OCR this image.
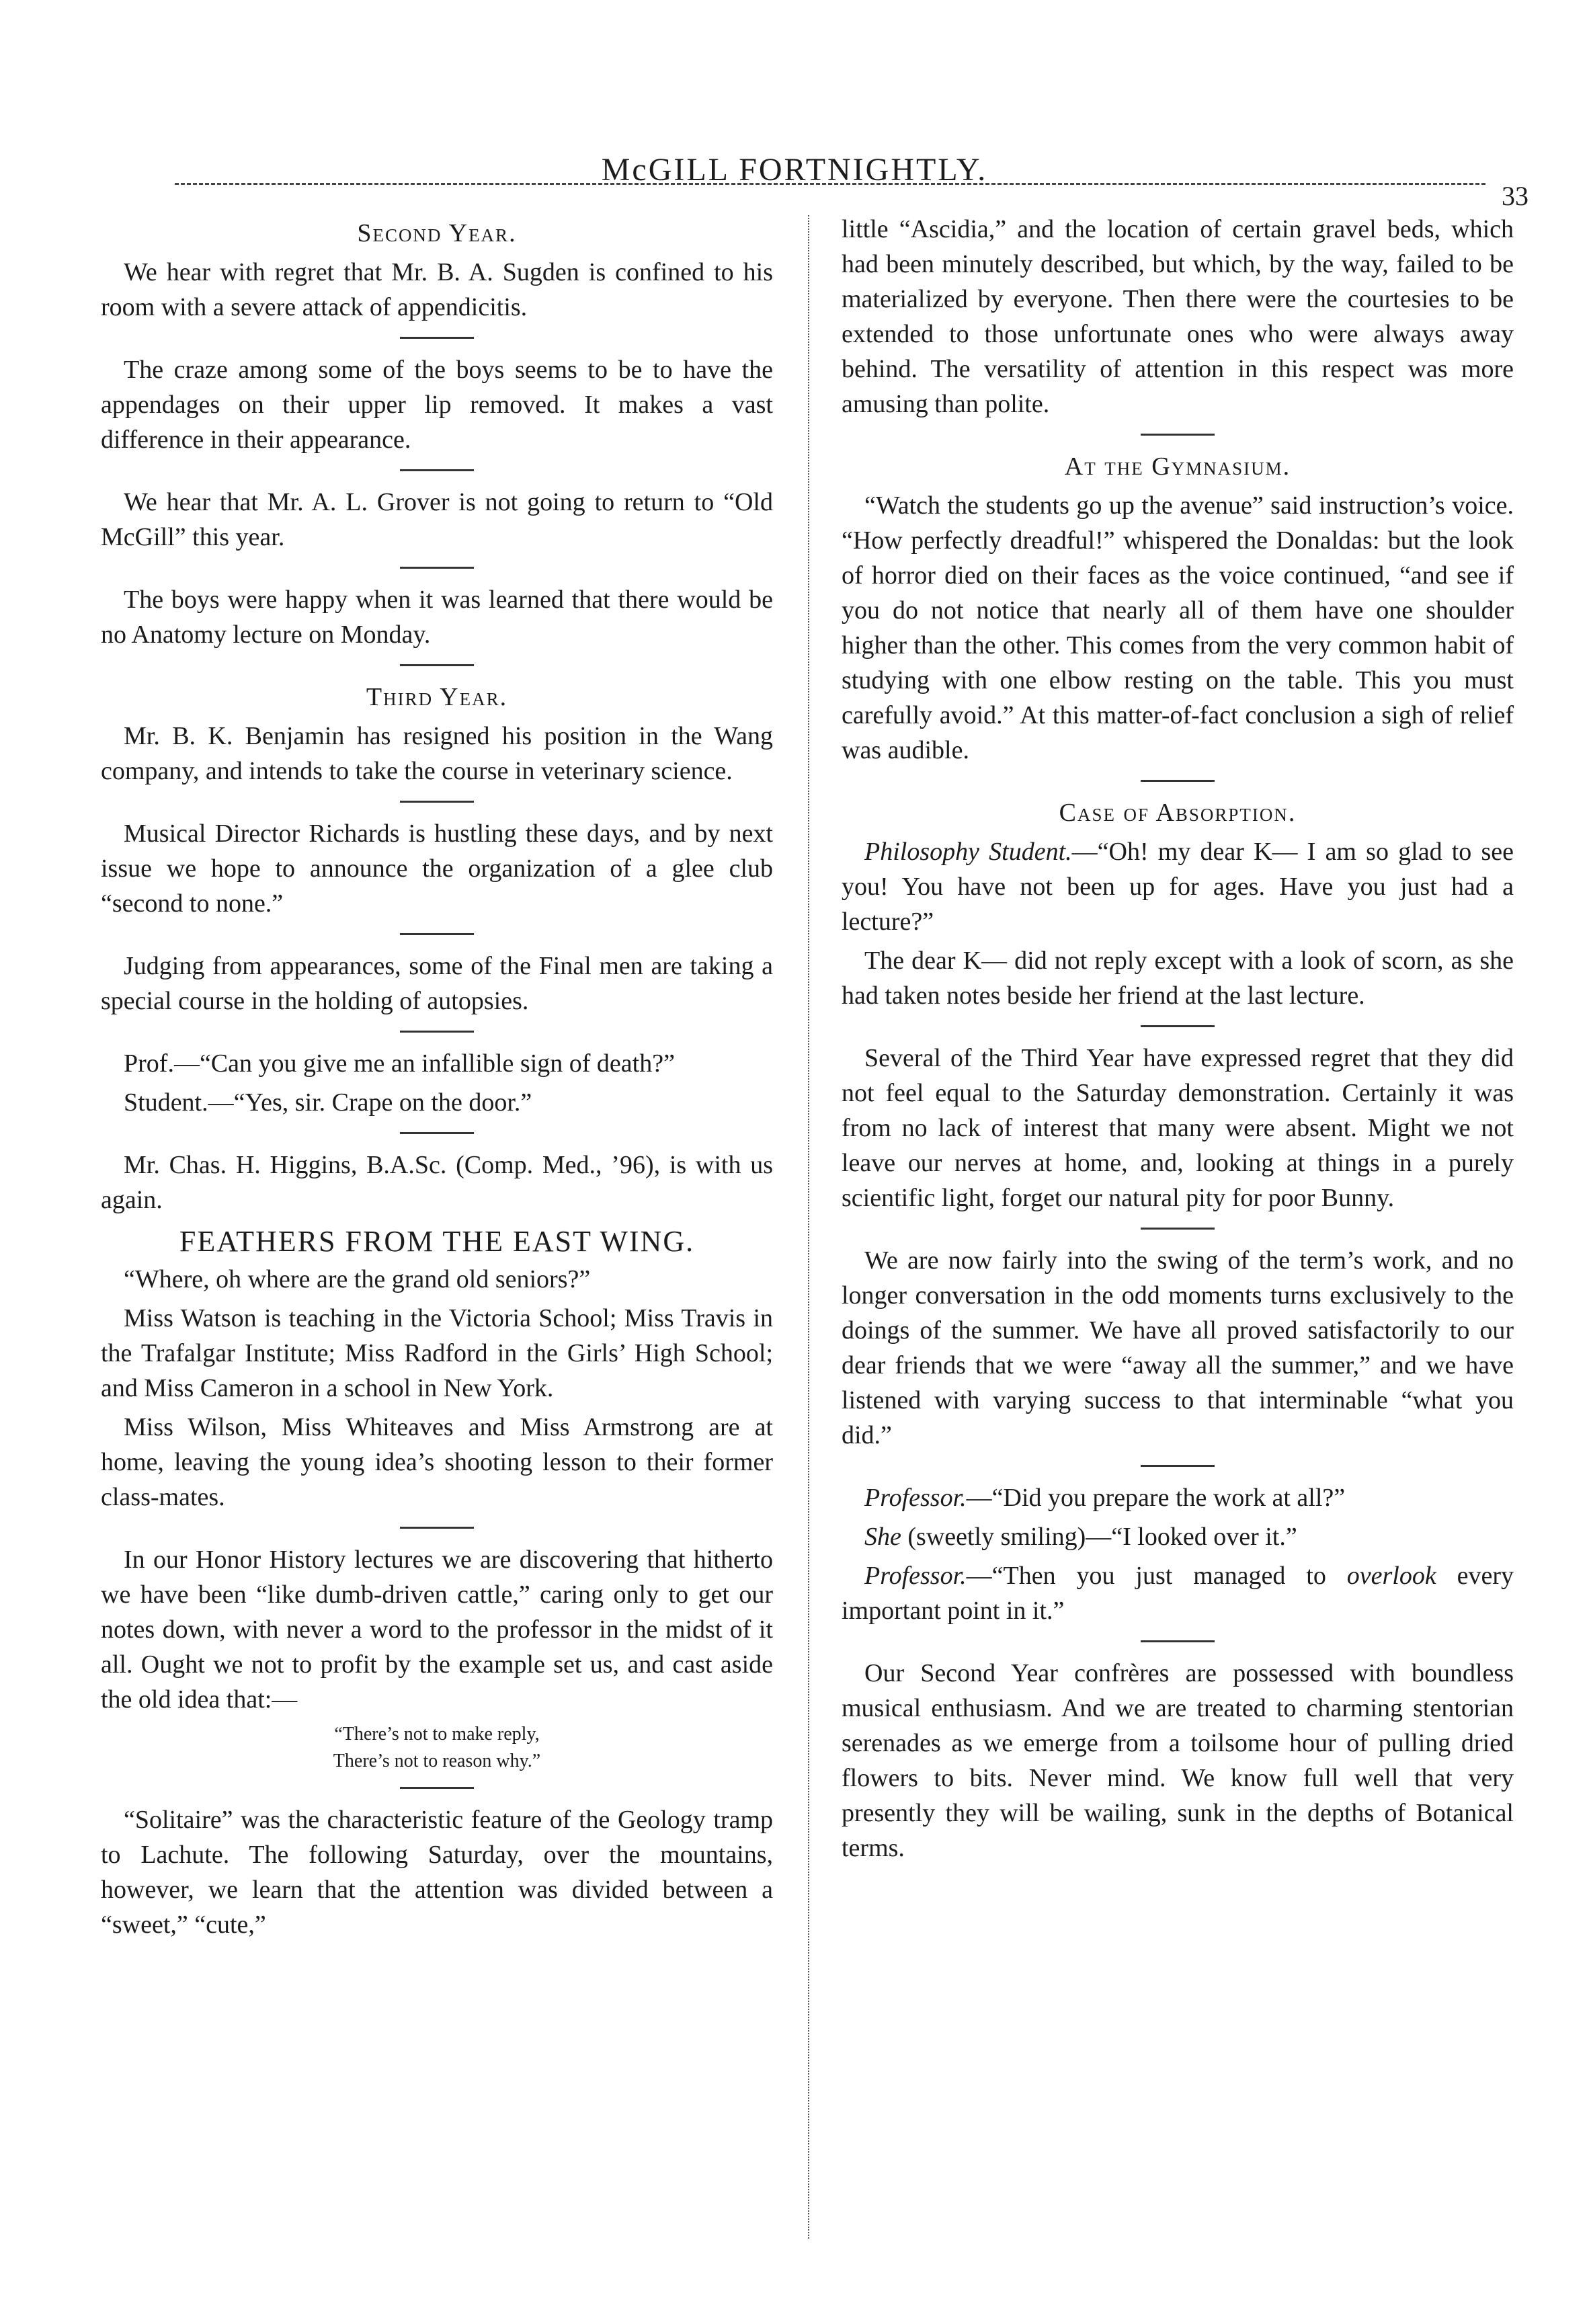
McGILL FORTNIGHTLY.
33
Second Year.

We hear with regret that Mr. B. A. Sugden is confined to his room with a severe attack of appendicitis.

The craze among some of the boys seems to be to have the appendages on their upper lip removed. It makes a vast difference in their appearance.

We hear that Mr. A. L. Grover is not going to return to “Old McGill” this year.

The boys were happy when it was learned that there would be no Anatomy lecture on Monday.

Third Year.

Mr. B. K. Benjamin has resigned his position in the Wang company, and intends to take the course in veterinary science.

Musical Director Richards is hustling these days, and by next issue we hope to announce the organization of a glee club “second to none.”

Judging from appearances, some of the Final men are taking a special course in the holding of autopsies.

Prof.—“Can you give me an infallible sign of death?”

Student.—“Yes, sir. Crape on the door.”

Mr. Chas. H. Higgins, B.A.Sc. (Comp. Med., ’96), is with us again.

FEATHERS FROM THE EAST WING.

“Where, oh where are the grand old seniors?”

Miss Watson is teaching in the Victoria School; Miss Travis in the Trafalgar Institute; Miss Radford in the Girls’ High School; and Miss Cameron in a school in New York.

Miss Wilson, Miss Whiteaves and Miss Armstrong are at home, leaving the young idea’s shooting lesson to their former class-mates.

In our Honor History lectures we are discovering that hitherto we have been “like dumb-driven cattle,” caring only to get our notes down, with never a word to the professor in the midst of it all. Ought we not to profit by the example set us, and cast aside the old idea that:—

“There’s not to make reply,
There’s not to reason why.”

“Solitaire” was the characteristic feature of the Geology tramp to Lachute. The following Saturday, over the mountains, however, we learn that the attention was divided between a “sweet,” “cute,”

little “Ascidia,” and the location of certain gravel beds, which had been minutely described, but which, by the way, failed to be materialized by everyone. Then there were the courtesies to be extended to those unfortunate ones who were always away behind. The versatility of attention in this respect was more amusing than polite.

At the Gymnasium.

“Watch the students go up the avenue” said instruction’s voice. “How perfectly dreadful!” whispered the Donaldas: but the look of horror died on their faces as the voice continued, “and see if you do not notice that nearly all of them have one shoulder higher than the other. This comes from the very common habit of studying with one elbow resting on the table. This you must carefully avoid.” At this matter-of-fact conclusion a sigh of relief was audible.

Case of Absorption.

Philosophy Student.—“Oh! my dear K— I am so glad to see you! You have not been up for ages. Have you just had a lecture?”

The dear K— did not reply except with a look of scorn, as she had taken notes beside her friend at the last lecture.

Several of the Third Year have expressed regret that they did not feel equal to the Saturday demonstration. Certainly it was from no lack of interest that many were absent. Might we not leave our nerves at home, and, looking at things in a purely scientific light, forget our natural pity for poor Bunny.

We are now fairly into the swing of the term’s work, and no longer conversation in the odd moments turns exclusively to the doings of the summer. We have all proved satisfactorily to our dear friends that we were “away all the summer,” and we have listened with varying success to that interminable “what you did.”

Professor.—“Did you prepare the work at all?”

She (sweetly smiling)—“I looked over it.”

Professor.—“Then you just managed to overlook every important point in it.”

Our Second Year confrères are possessed with boundless musical enthusiasm. And we are treated to charming stentorian serenades as we emerge from a toilsome hour of pulling dried flowers to bits. Never mind. We know full well that very presently they will be wailing, sunk in the depths of Botanical terms.
